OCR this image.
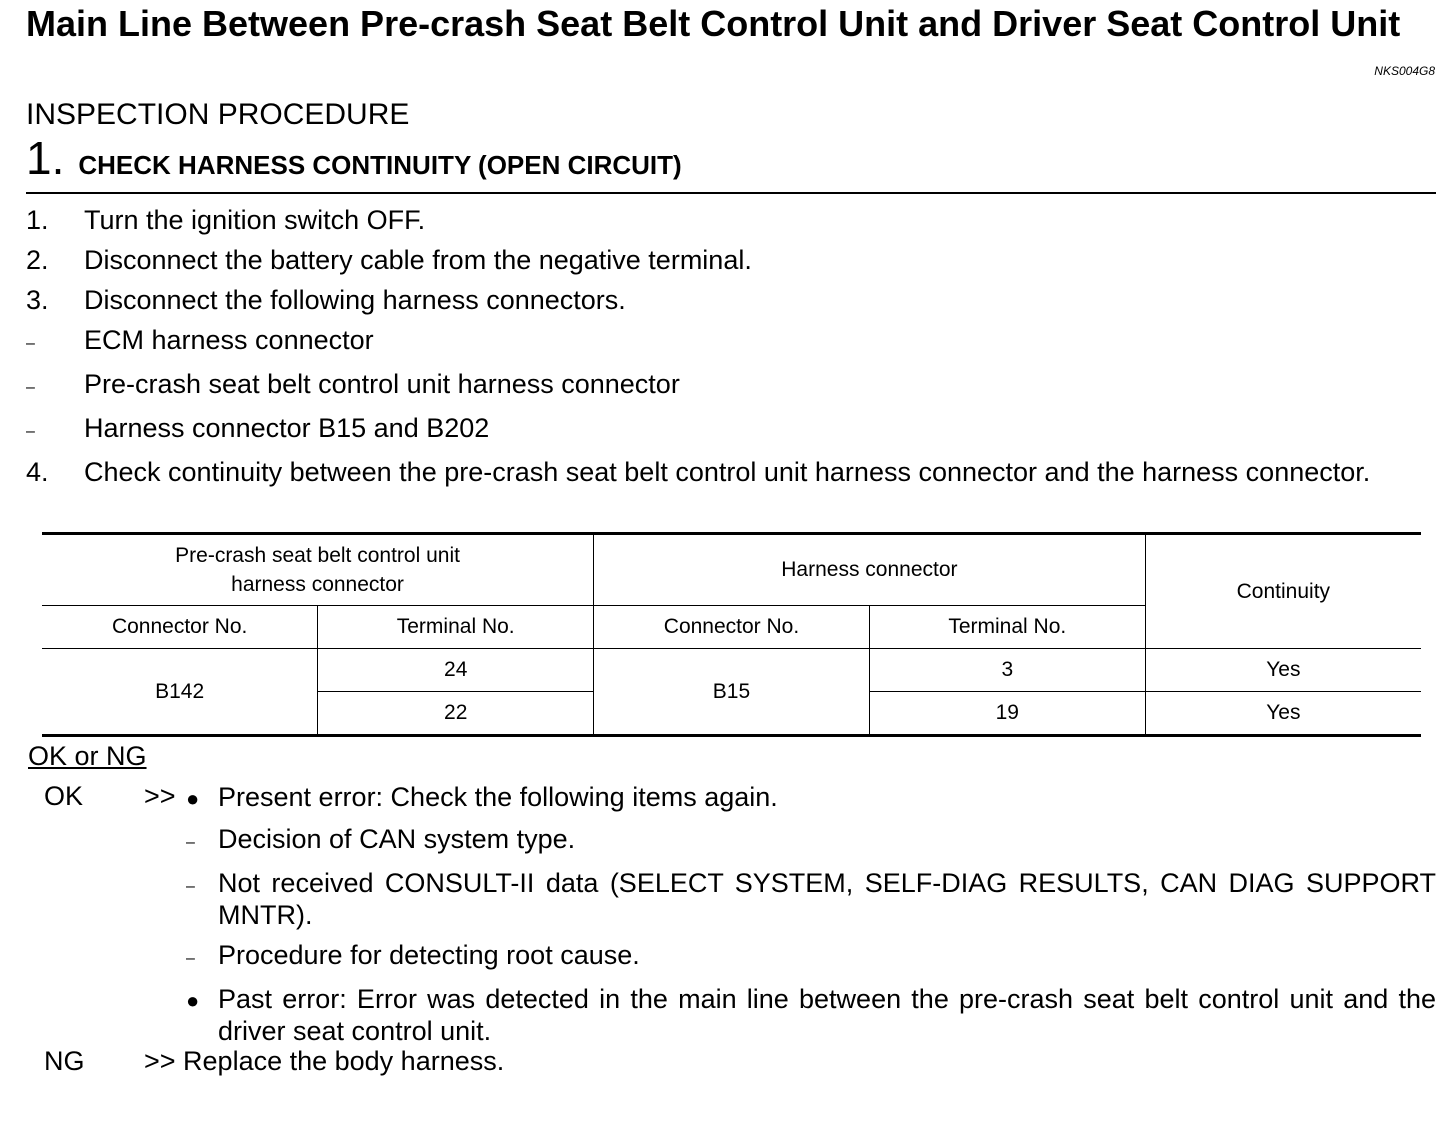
Main Line Between Pre-crash Seat Belt Control Unit and Driver Seat Control Unit
NKS004G8
INSPECTION PROCEDURE
1. CHECK HARNESS CONTINUITY (OPEN CIRCUIT)
1.	Turn the ignition switch OFF.
2.	Disconnect the battery cable from the negative terminal.
3.	Disconnect the following harness connectors.
–	ECM harness connector
–	Pre-crash seat belt control unit harness connector
–	Harness connector B15 and B202
4.	Check continuity between the pre-crash seat belt control unit harness connector and the harness connector.
Pre-crash seat belt control unit harness connector		Harness connector		Continuity
Connector No.	Terminal No.	Connector No.	Terminal No.	
B142	24	B15	3	Yes
	22		19	Yes
OK or NG
OK >> ● Present error: Check the following items again.
– Decision of CAN system type.
– Not received CONSULT-II data (SELECT SYSTEM, SELF-DIAG RESULTS, CAN DIAG SUPPORT MNTR).
– Procedure for detecting root cause.
● Past error: Error was detected in the main line between the pre-crash seat belt control unit and the driver seat control unit.
NG >> Replace the body harness.
